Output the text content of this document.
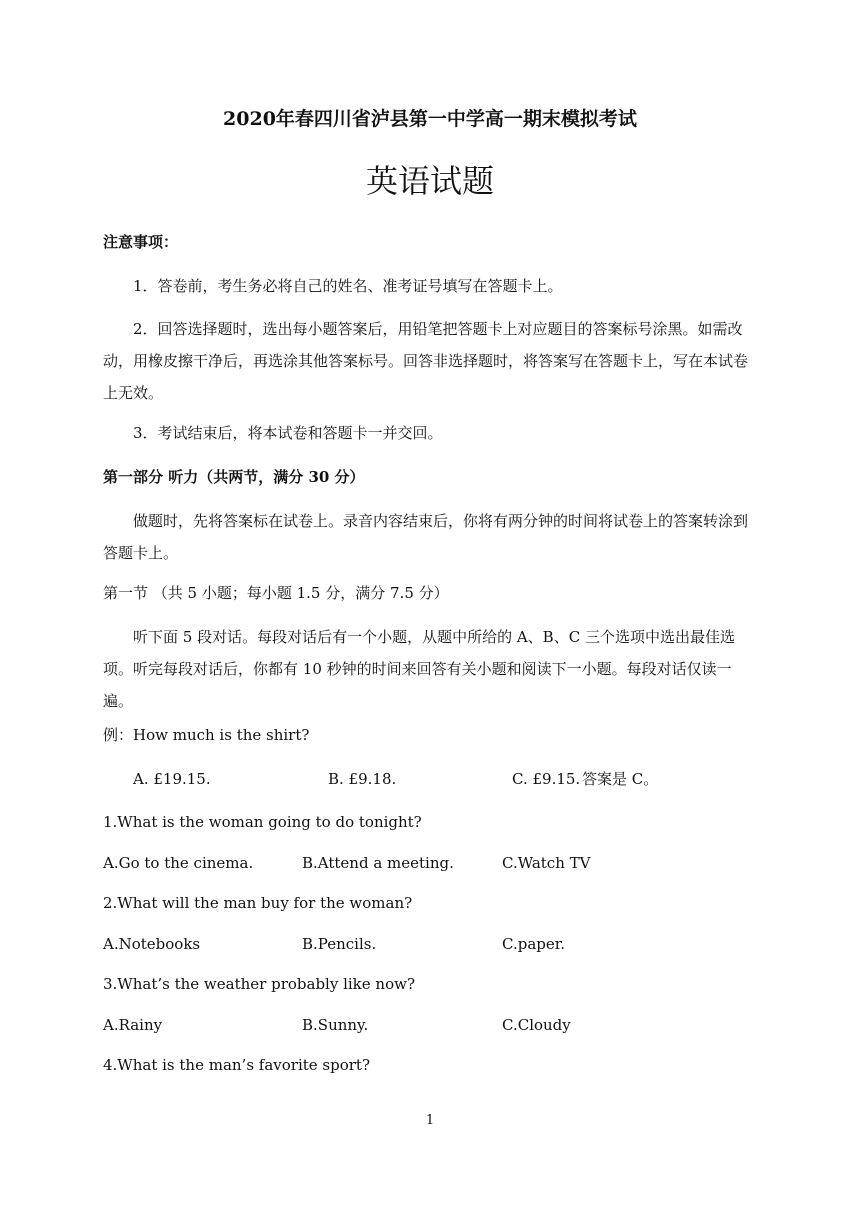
2020年春四川省泸县第一中学高一期末模拟考试
英语试题
注意事项：
1．答卷前，考生务必将自己的姓名、准考证号填写在答题卡上。
2．回答选择题时，选出每小题答案后，用铅笔把答题卡上对应题目的答案标号涂黑。如需改动，用橡皮擦干净后，再选涂其他答案标号。回答非选择题时，将答案写在答题卡上，写在本试卷上无效。
3．考试结束后，将本试卷和答题卡一并交回。
第一部分 听力（共两节，满分 30 分）
做题时，先将答案标在试卷上。录音内容结束后，你将有两分钟的时间将试卷上的答案转涂到答题卡上。
第一节 （共 5 小题；每小题 1.5 分，满分 7.5 分）
听下面 5 段对话。每段对话后有一个小题，从题中所给的 A、B、C 三个选项中选出最佳选项。听完每段对话后，你都有 10 秒钟的时间来回答有关小题和阅读下一小题。每段对话仅读一遍。
例：How much is the shirt?
A. £19.15.	B. £9.18.	C. £9.15. 答案是 C。
1.What is the woman going to do tonight?
A.Go to the cinema.	B.Attend a meeting.	C.Watch TV
2.What will the man buy for the woman?
A.Notebooks	B.Pencils.	C.paper.
3.What’s the weather probably like now?
A.Rainy	B.Sunny.	C.Cloudy
4.What is the man’s favorite sport?
1
